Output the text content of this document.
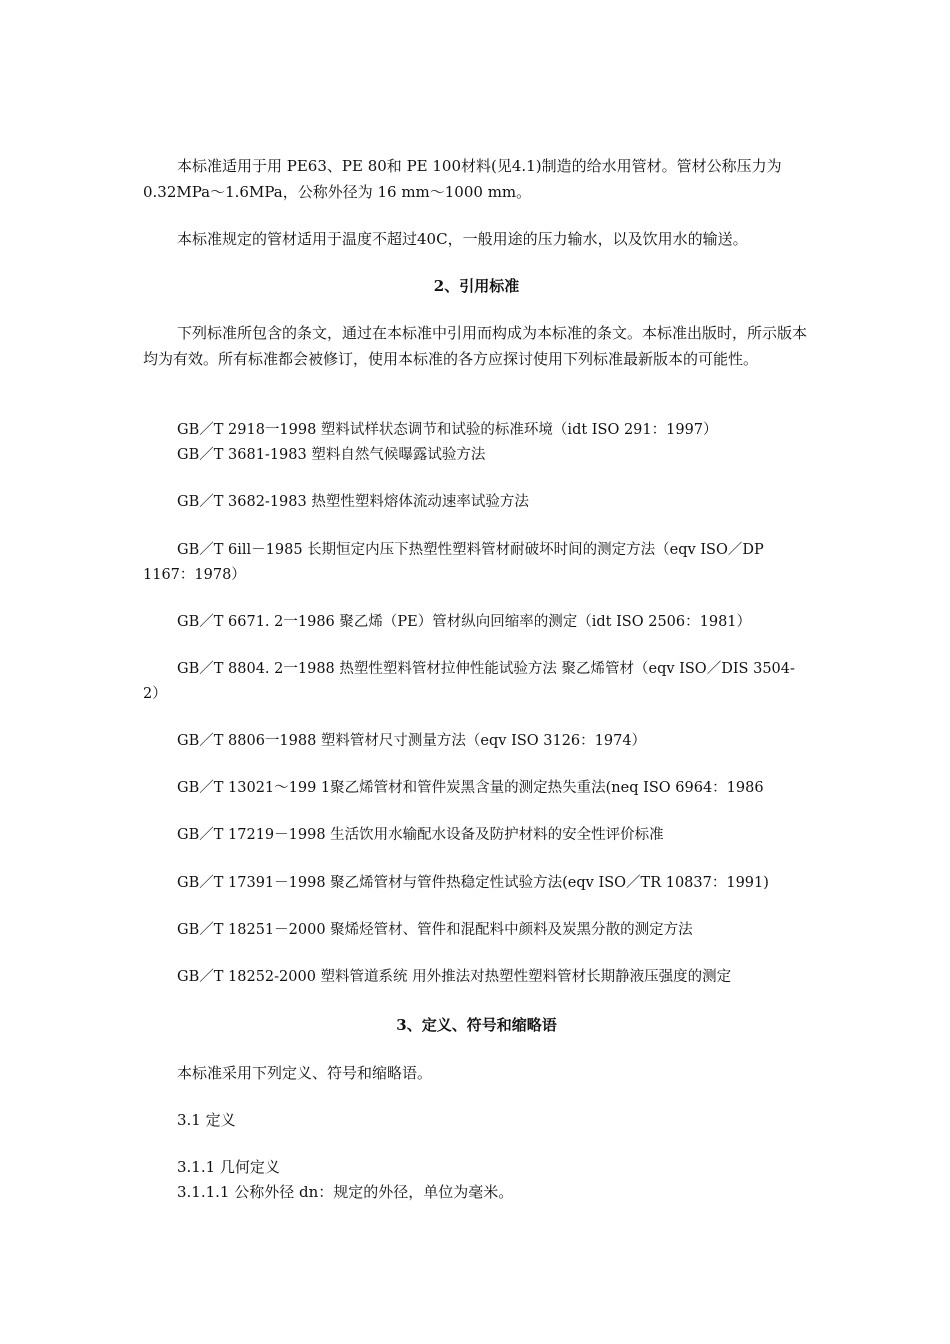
本标准适用于用 PE63、PE 80和 PE 100材料(见4.1)制造的给水用管材。管材公称压力为0.32MPa～1.6MPa，公称外径为 16 mm～1000 mm。

本标准规定的管材适用于温度不超过40C，一般用途的压力输水，以及饮用水的输送。

2、引用标准

下列标准所包含的条文，通过在本标准中引用而构成为本标准的条文。本标准出版时，所示版本均为有效。所有标准都会被修订，使用本标准的各方应探讨使用下列标准最新版本的可能性。

GB／T 2918一1998 塑料试样状态调节和试验的标准环境（idt ISO 291：1997）

GB／T 3681-1983 塑料自然气候曝露试验方法

GB／T 3682-1983 热塑性塑料熔体流动速率试验方法

GB／T 6ill－1985 长期恒定内压下热塑性塑料管材耐破坏时间的测定方法（eqv ISO／DP 1167：1978）

GB／T 6671. 2一1986 聚乙烯（PE）管材纵向回缩率的测定（idt ISO 2506：1981）

GB／T 8804. 2一1988 热塑性塑料管材拉伸性能试验方法 聚乙烯管材（eqv ISO／DIS 3504-2）

GB／T 8806一1988 塑料管材尺寸测量方法（eqv ISO 3126：1974）

GB／T 13021～199 1聚乙烯管材和管件炭黑含量的测定热失重法(neq ISO 6964：1986

GB／T 17219－1998 生活饮用水输配水设备及防护材料的安全性评价标准

GB／T 17391－1998 聚乙烯管材与管件热稳定性试验方法(eqv ISO／TR 10837：1991)

GB／T 18251－2000 聚烯烃管材、管件和混配料中颜料及炭黑分散的测定方法

GB／T 18252-2000 塑料管道系统 用外推法对热塑性塑料管材长期静液压强度的测定

3、定义、符号和缩略语

本标准采用下列定义、符号和缩略语。

3.1 定义

3.1.1 几何定义

3.1.1.1 公称外径 dn：规定的外径，单位为毫米。
